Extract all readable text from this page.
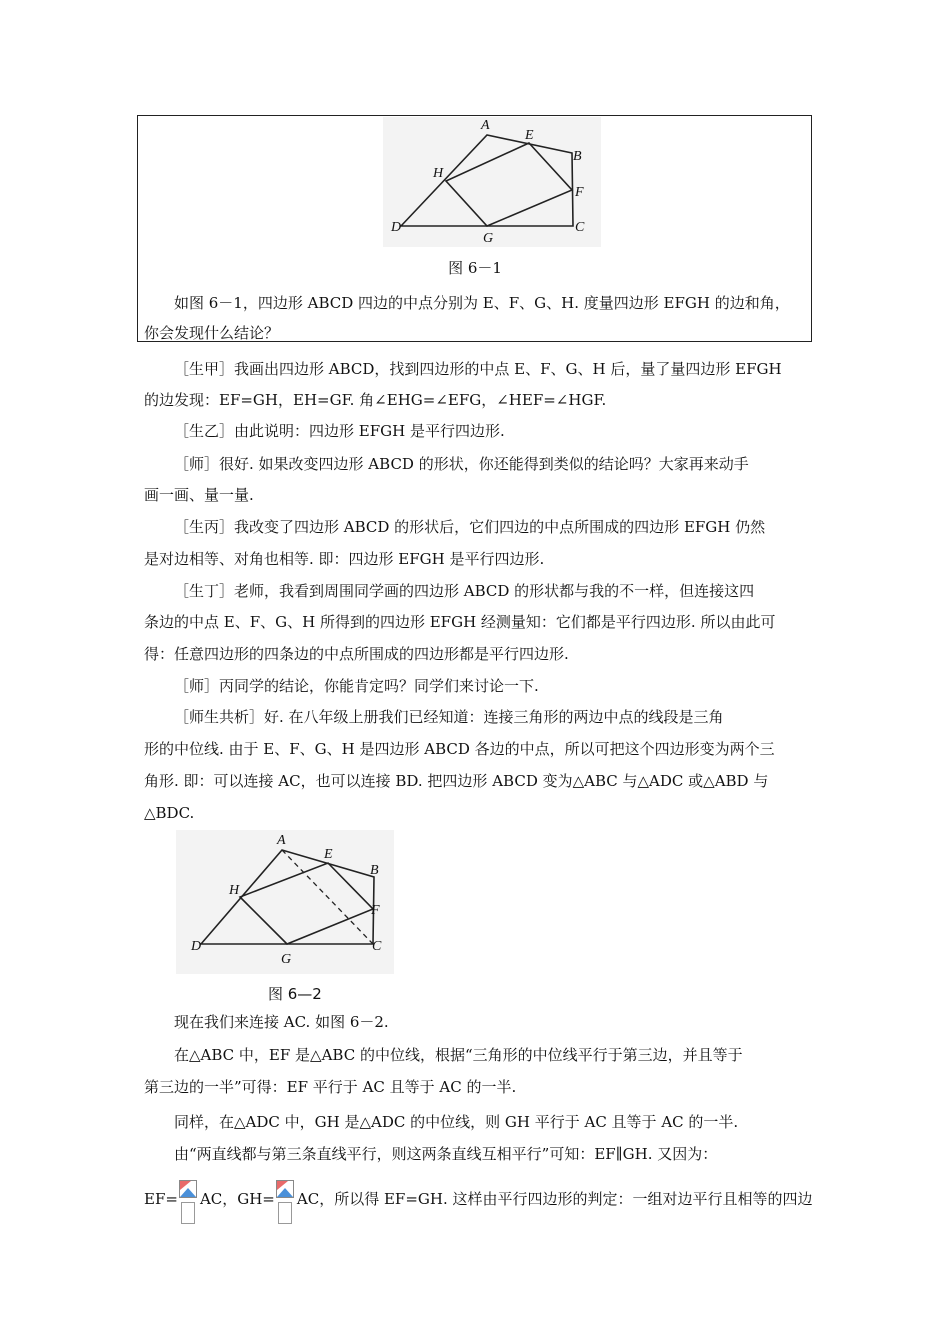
A
E
B
H
F
D
G
C
图 6－1
如图 6－1，四边形 ABCD 四边的中点分别为 E、F、G、H. 度量四边形 EFGH 的边和角，
你会发现什么结论？
［生甲］我画出四边形 ABCD，找到四边形的中点 E、F、G、H 后，量了量四边形 EFGH
的边发现：EF=GH，EH=GF. 角∠EHG=∠EFG，∠HEF=∠HGF.
［生乙］由此说明：四边形 EFGH 是平行四边形.
［师］很好. 如果改变四边形 ABCD 的形状，你还能得到类似的结论吗？大家再来动手
画一画、量一量.
［生丙］我改变了四边形 ABCD 的形状后，它们四边的中点所围成的四边形 EFGH 仍然
是对边相等、对角也相等. 即：四边形 EFGH 是平行四边形.
［生丁］老师，我看到周围同学画的四边形 ABCD 的形状都与我的不一样，但连接这四
条边的中点 E、F、G、H 所得到的四边形 EFGH 经测量知：它们都是平行四边形. 所以由此可
得：任意四边形的四条边的中点所围成的四边形都是平行四边形.
［师］丙同学的结论，你能肯定吗？同学们来讨论一下.
［师生共析］好. 在八年级上册我们已经知道：连接三角形的两边中点的线段是三角
形的中位线. 由于 E、F、G、H 是四边形 ABCD 各边的中点，所以可把这个四边形变为两个三
角形. 即：可以连接 AC，也可以连接 BD. 把四边形 ABCD 变为△ABC 与△ADC 或△ABD 与
△BDC.
A
E
B
H
F
D
G
C
图 6—2
现在我们来连接 AC. 如图 6－2.
在△ABC 中，EF 是△ABC 的中位线，根据“三角形的中位线平行于第三边，并且等于
第三边的一半”可得：EF 平行于 AC 且等于 AC 的一半.
同样，在△ADC 中，GH 是△ADC 的中位线，则 GH 平行于 AC 且等于 AC 的一半.
由“两直线都与第三条直线平行，则这两条直线互相平行”可知：EF∥GH. 又因为：
EF= AC，GH= AC，所以得 EF=GH. 这样由平行四边形的判定：一组对边平行且相等的四边
